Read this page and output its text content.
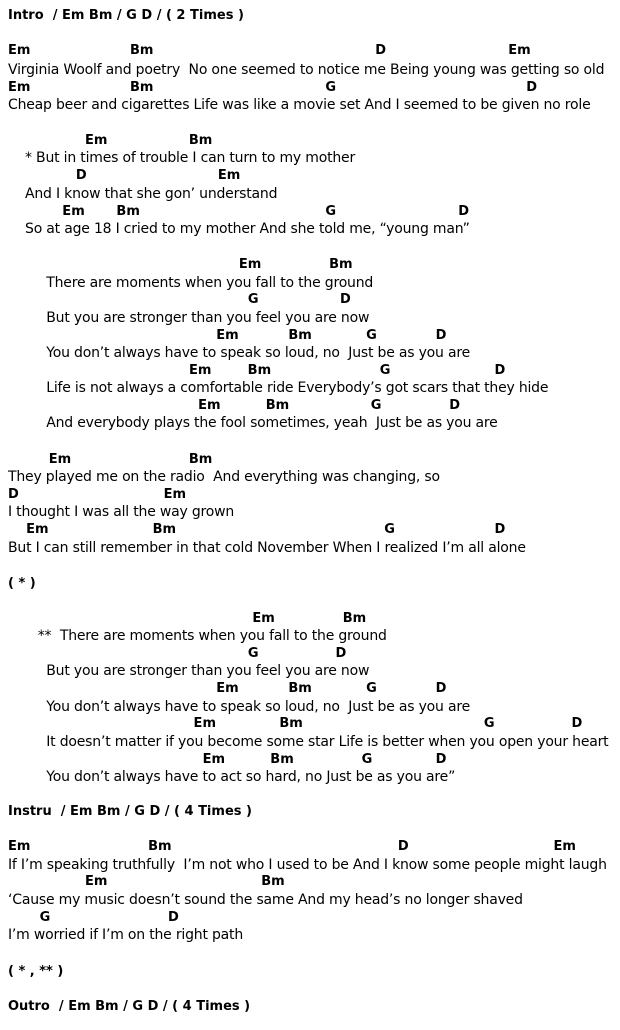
Intro  / Em Bm / G D / ( 2 Times )
Em                      Bm                                                 D                           Em
Virginia Woolf and poetry  No one seemed to notice me Being young was getting so old
Em                      Bm                                      G                                          D
Cheap beer and cigarettes Life was like a movie set And I seemed to be given no role
Em                  Bm
* But in times of trouble I can turn to my mother
D                             Em
And I know that she gon’ understand
Em       Bm                                         G                           D
So at age 18 I cried to my mother And she told me, “young man”
Em               Bm
There are moments when you fall to the ground
G                  D
But you are stronger than you feel you are now
Em           Bm            G             D
You don’t always have to speak so loud, no  Just be as you are
Em        Bm                        G                       D
Life is not always a comfortable ride Everybody’s got scars that they hide
Em          Bm                  G               D
And everybody plays the fool sometimes, yeah  Just be as you are
Em                          Bm
They played me on the radio  And everything was changing, so
D                                Em
I thought I was all the way grown
Em                       Bm                                              G                      D
But I can still remember in that cold November When I realized I’m all alone
( * )
Em               Bm
**  There are moments when you fall to the ground
G                 D
But you are stronger than you feel you are now
Em           Bm            G             D
You don’t always have to speak so loud, no  Just be as you are
Em              Bm                                        G                 D
It doesn’t matter if you become some star Life is better when you open your heart
Em          Bm               G              D
You don’t always have to act so hard, no Just be as you are”
Instru  / Em Bm / G D / ( 4 Times )
Em                          Bm                                                  D                                Em
If I’m speaking truthfully  I’m not who I used to be And I know some people might laugh
Em                                  Bm
‘Cause my music doesn’t sound the same And my head’s no longer shaved
G                          D
I’m worried if I’m on the right path
( * , ** )
Outro  / Em Bm / G D / ( 4 Times )
